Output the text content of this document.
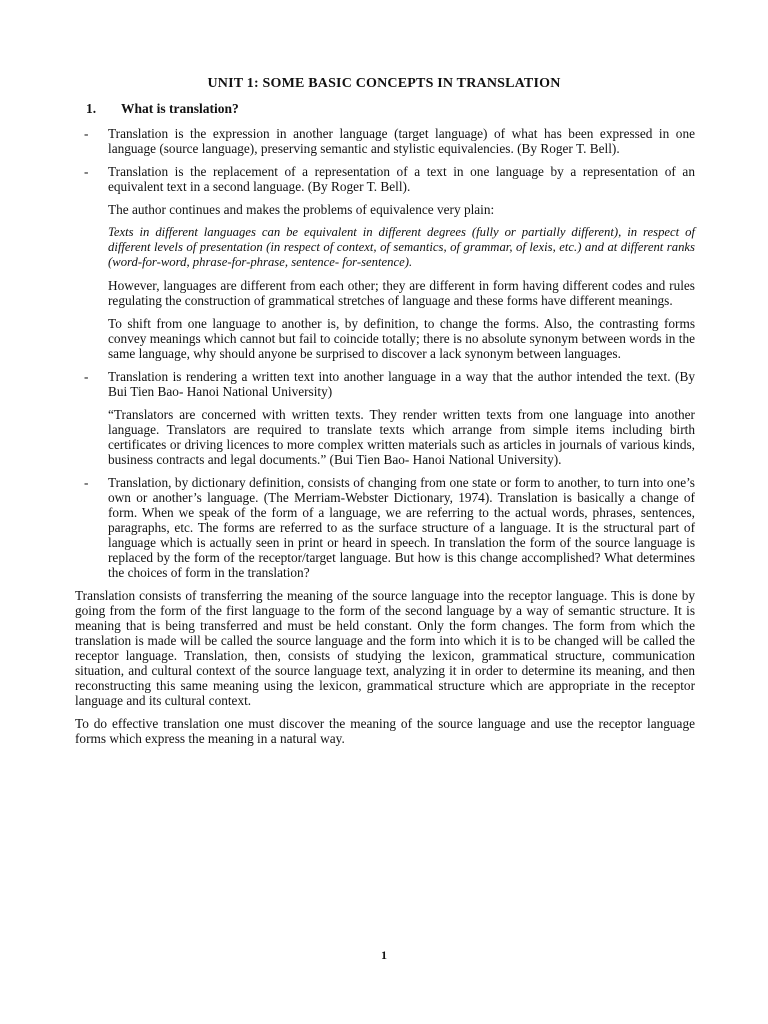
UNIT 1: SOME BASIC CONCEPTS IN TRANSLATION
1. What is translation?

- Translation is the expression in another language (target language) of what has been expressed in one language (source language), preserving semantic and stylistic equivalencies. (By Roger T. Bell).

- Translation is the replacement of a representation of a text in one language by a representation of an equivalent text in a second language. (By Roger T. Bell).

The author continues and makes the problems of equivalence very plain:

Texts in different languages can be equivalent in different degrees (fully or partially different), in respect of different levels of presentation (in respect of context, of semantics, of grammar, of lexis, etc.) and at different ranks (word-for-word, phrase-for-phrase, sentence- for-sentence).

However, languages are different from each other; they are different in form having different codes and rules regulating the construction of grammatical stretches of language and these forms have different meanings.

To shift from one language to another is, by definition, to change the forms. Also, the contrasting forms convey meanings which cannot but fail to coincide totally; there is no absolute synonym between words in the same language, why should anyone be surprised to discover a lack synonym between languages.

- Translation is rendering a written text into another language in a way that the author intended the text. (By Bui Tien Bao- Hanoi National University)

“Translators are concerned with written texts. They render written texts from one language into another language. Translators are required to translate texts which arrange from simple items including birth certificates or driving licences to more complex written materials such as articles in journals of various kinds, business contracts and legal documents.” (Bui Tien Bao- Hanoi National University).

- Translation, by dictionary definition, consists of changing from one state or form to another, to turn into one’s own or another’s language. (The Merriam-Webster Dictionary, 1974). Translation is basically a change of form. When we speak of the form of a language, we are referring to the actual words, phrases, sentences, paragraphs, etc. The forms are referred to as the surface structure of a language. It is the structural part of language which is actually seen in print or heard in speech. In translation the form of the source language is replaced by the form of the receptor/target language. But how is this change accomplished? What determines the choices of form in the translation?

Translation consists of transferring the meaning of the source language into the receptor language. This is done by going from the form of the first language to the form of the second language by a way of semantic structure. It is meaning that is being transferred and must be held constant. Only the form changes. The form from which the translation is made will be called the source language and the form into which it is to be changed will be called the receptor language. Translation, then, consists of studying the lexicon, grammatical structure, communication situation, and cultural context of the source language text, analyzing it in order to determine its meaning, and then reconstructing this same meaning using the lexicon, grammatical structure which are appropriate in the receptor language and its cultural context.

To do effective translation one must discover the meaning of the source language and use the receptor language forms which express the meaning in a natural way.

1
